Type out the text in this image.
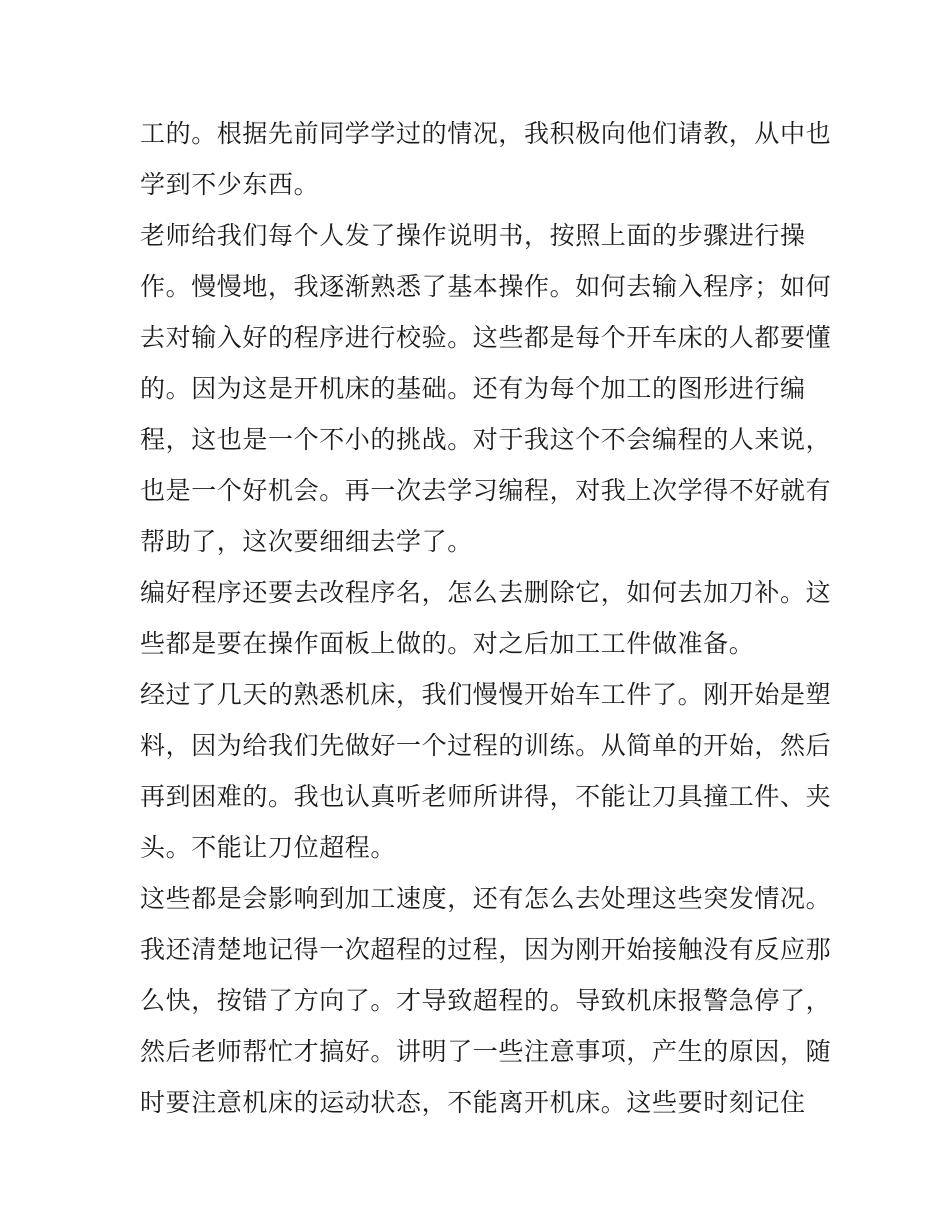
工的。根据先前同学学过的情况，我积极向他们请教，从中也
学到不少东西。
老师给我们每个人发了操作说明书，按照上面的步骤进行操
作。慢慢地，我逐渐熟悉了基本操作。如何去输入程序；如何
去对输入好的程序进行校验。这些都是每个开车床的人都要懂
的。因为这是开机床的基础。还有为每个加工的图形进行编
程，这也是一个不小的挑战。对于我这个不会编程的人来说，
也是一个好机会。再一次去学习编程，对我上次学得不好就有
帮助了，这次要细细去学了。
编好程序还要去改程序名，怎么去删除它，如何去加刀补。这
些都是要在操作面板上做的。对之后加工工件做准备。
经过了几天的熟悉机床，我们慢慢开始车工件了。刚开始是塑
料，因为给我们先做好一个过程的训练。从简单的开始，然后
再到困难的。我也认真听老师所讲得，不能让刀具撞工件、夹
头。不能让刀位超程。
这些都是会影响到加工速度，还有怎么去处理这些突发情况。
我还清楚地记得一次超程的过程，因为刚开始接触没有反应那
么快，按错了方向了。才导致超程的。导致机床报警急停了，
然后老师帮忙才搞好。讲明了一些注意事项，产生的原因，随
时要注意机床的运动状态，不能离开机床。这些要时刻记住
